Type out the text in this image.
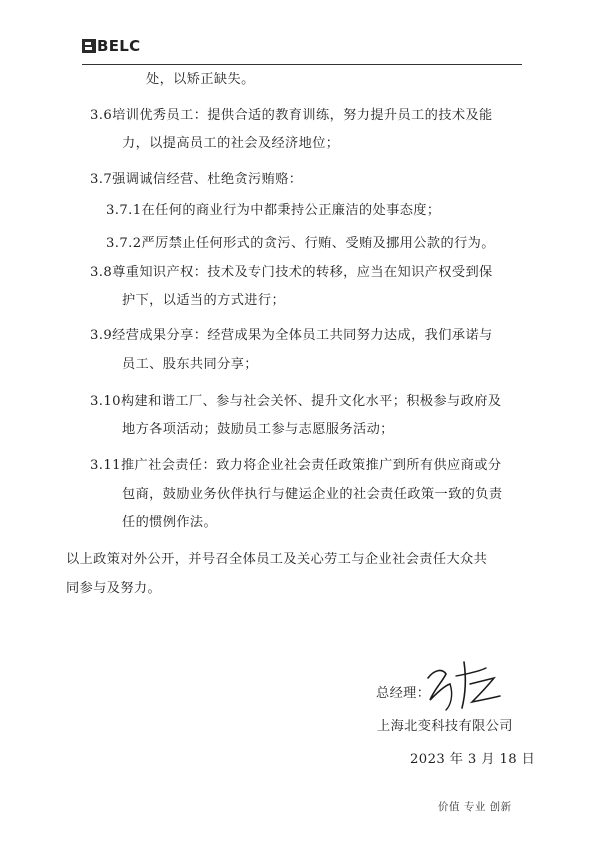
BELC
处，以矫正缺失。
3.6培训优秀员工：提供合适的教育训练，努力提升员工的技术及能
力，以提高员工的社会及经济地位；
3.7强调诚信经营、杜绝贪污贿赂：
3.7.1在任何的商业行为中都秉持公正廉洁的处事态度；
3.7.2严厉禁止任何形式的贪污、行贿、受贿及挪用公款的行为。
3.8尊重知识产权：技术及专门技术的转移，应当在知识产权受到保
护下，以适当的方式进行；
3.9经营成果分享：经营成果为全体员工共同努力达成，我们承诺与
员工、股东共同分享；
3.10构建和谐工厂、参与社会关怀、提升文化水平；积极参与政府及
地方各项活动；鼓励员工参与志愿服务活动；
3.11推广社会责任：致力将企业社会责任政策推广到所有供应商或分
包商，鼓励业务伙伴执行与健运企业的社会责任政策一致的负责
任的惯例作法。
以上政策对外公开，并号召全体员工及关心劳工与企业社会责任大众共
同参与及努力。
总经理：
上海北变科技有限公司
2023 年 3 月 18 日
价值 专业 创新
